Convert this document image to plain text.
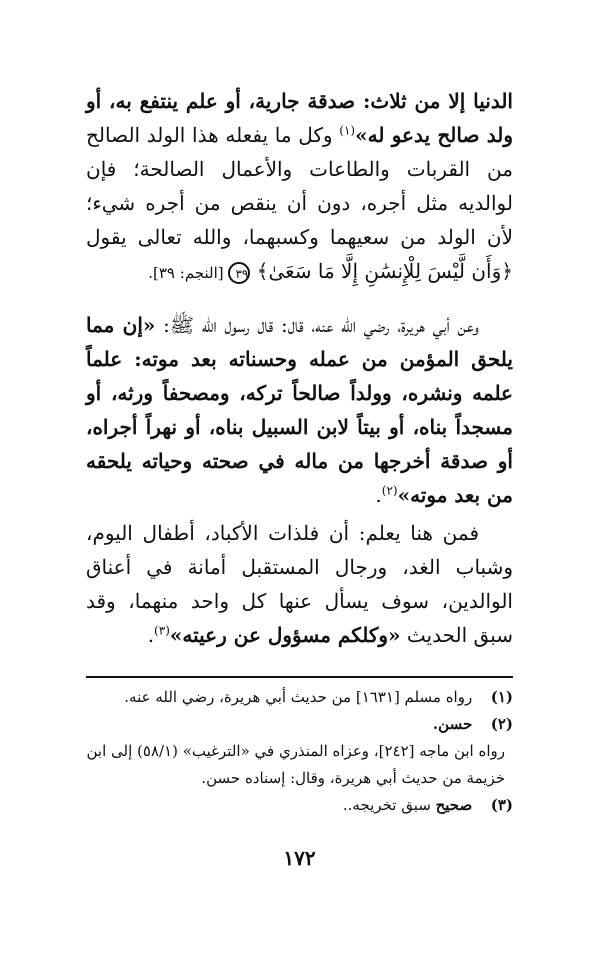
الدنيا إلا من ثلاث: صدقة جارية، أو علم ينتفع به، أو ولد صالح يدعو له»$^{(١)}$ وكل ما يفعله هذا الولد الصالح من القربات والطاعات والأعمال الصالحة؛ فإن لوالديه مثل أجره، دون أن ينقص من أجره شيء؛ لأن الولد من سعيهما وكسبهما، والله تعالى يقول ﴿وَأَن لَّيْسَ لِلْإِنسَٰنِ إِلَّا مَا سَعَىٰ﴾ ٣٩ [النجم: ٣٩].

وعن أبي هريرة، رضي الله عنه، قال: قال رسول الله ﷺ: «إن مما يلحق المؤمن من عمله وحسناته بعد موته: علماً علمه ونشره، وولداً صالحاً تركه، ومصحفاً ورثه، أو مسجداً بناه، أو بيتاً لابن السبيل بناه، أو نهراً أجراه، أو صدقة أخرجها من ماله في صحته وحياته يلحقه من بعد موته»$^{(٢)}$.

فمن هنا يعلم: أن فلذات الأكباد، أطفال اليوم، وشباب الغد، ورجال المستقبل أمانة في أعناق الوالدين، سوف يسأل عنها كل واحد منهما، وقد سبق الحديث «وكلكم مسؤول عن رعيته»$^{(٣)}$.

(١) رواه مسلم [١٦٣١] من حديث أبي هريرة، رضي الله عنه.
(٢) حسن.
رواه ابن ماجه [٢٤٢]، وعزاه المنذري في «الترغيب» (٥٨/١) إلى ابن خزيمة من حديث أبي هريرة، وقال: إسناده حسن.
(٣) صحيح سبق تخريجه..
١٧٢
